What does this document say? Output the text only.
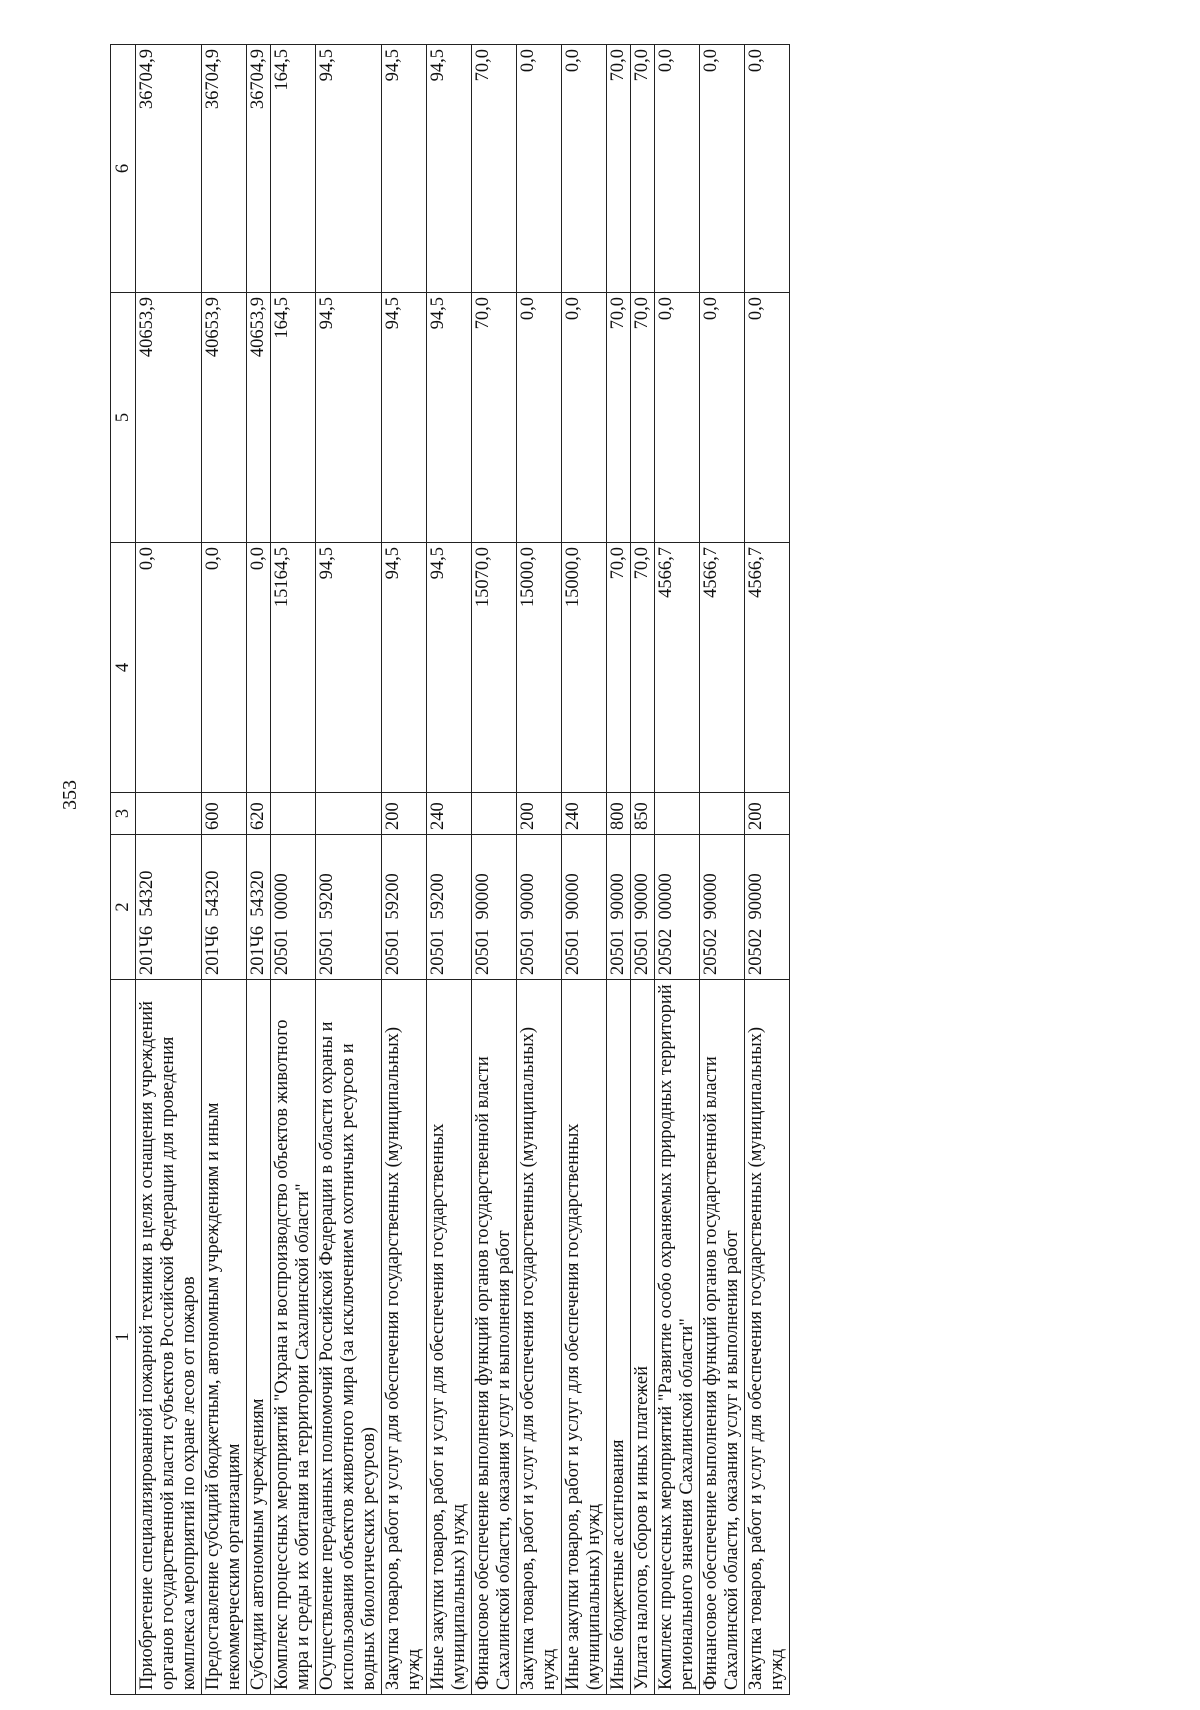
353
1	2	3	4	5	6
Приобретение специализированной пожарной техники в целях оснащения учреждений органов государственной власти субъектов Российской Федерации для проведения комплекса мероприятий по охране лесов от пожаров	201Ч6  54320		0,0	40653,9	36704,9
Предоставление субсидий бюджетным, автономным учреждениям и иным некоммерческим организациям	201Ч6  54320	600	0,0	40653,9	36704,9
Субсидии автономным учреждениям	201Ч6  54320	620	0,0	40653,9	36704,9
Комплекс процессных мероприятий "Охрана и воспроизводство объектов животного мира и среды их обитания на территории Сахалинской области"	20501  00000		15164,5	164,5	164,5
Осуществление переданных полномочий Российской Федерации в области охраны и использования объектов животного мира (за исключением охотничьих ресурсов и водных биологических ресурсов)	20501  59200		94,5	94,5	94,5
Закупка товаров, работ и услуг для обеспечения государственных (муниципальных) нужд	20501  59200	200	94,5	94,5	94,5
Иные закупки товаров, работ и услуг для обеспечения государственных (муниципальных) нужд	20501  59200	240	94,5	94,5	94,5
Финансовое обеспечение выполнения функций органов государственной власти Сахалинской области, оказания услуг и выполнения работ	20501  90000		15070,0	70,0	70,0
Закупка товаров, работ и услуг для обеспечения государственных (муниципальных) нужд	20501  90000	200	15000,0	0,0	0,0
Иные закупки товаров, работ и услуг для обеспечения государственных (муниципальных) нужд	20501  90000	240	15000,0	0,0	0,0
Иные бюджетные ассигнования	20501  90000	800	70,0	70,0	70,0
Уплата налогов, сборов и иных платежей	20501  90000	850	70,0	70,0	70,0
Комплекс процессных мероприятий "Развитие особо охраняемых природных территорий регионального значения Сахалинской области"	20502  00000		4566,7	0,0	0,0
Финансовое обеспечение выполнения функций органов государственной власти Сахалинской области, оказания услуг и выполнения работ	20502  90000		4566,7	0,0	0,0
Закупка товаров, работ и услуг для обеспечения государственных (муниципальных) нужд	20502  90000	200	4566,7	0,0	0,0
